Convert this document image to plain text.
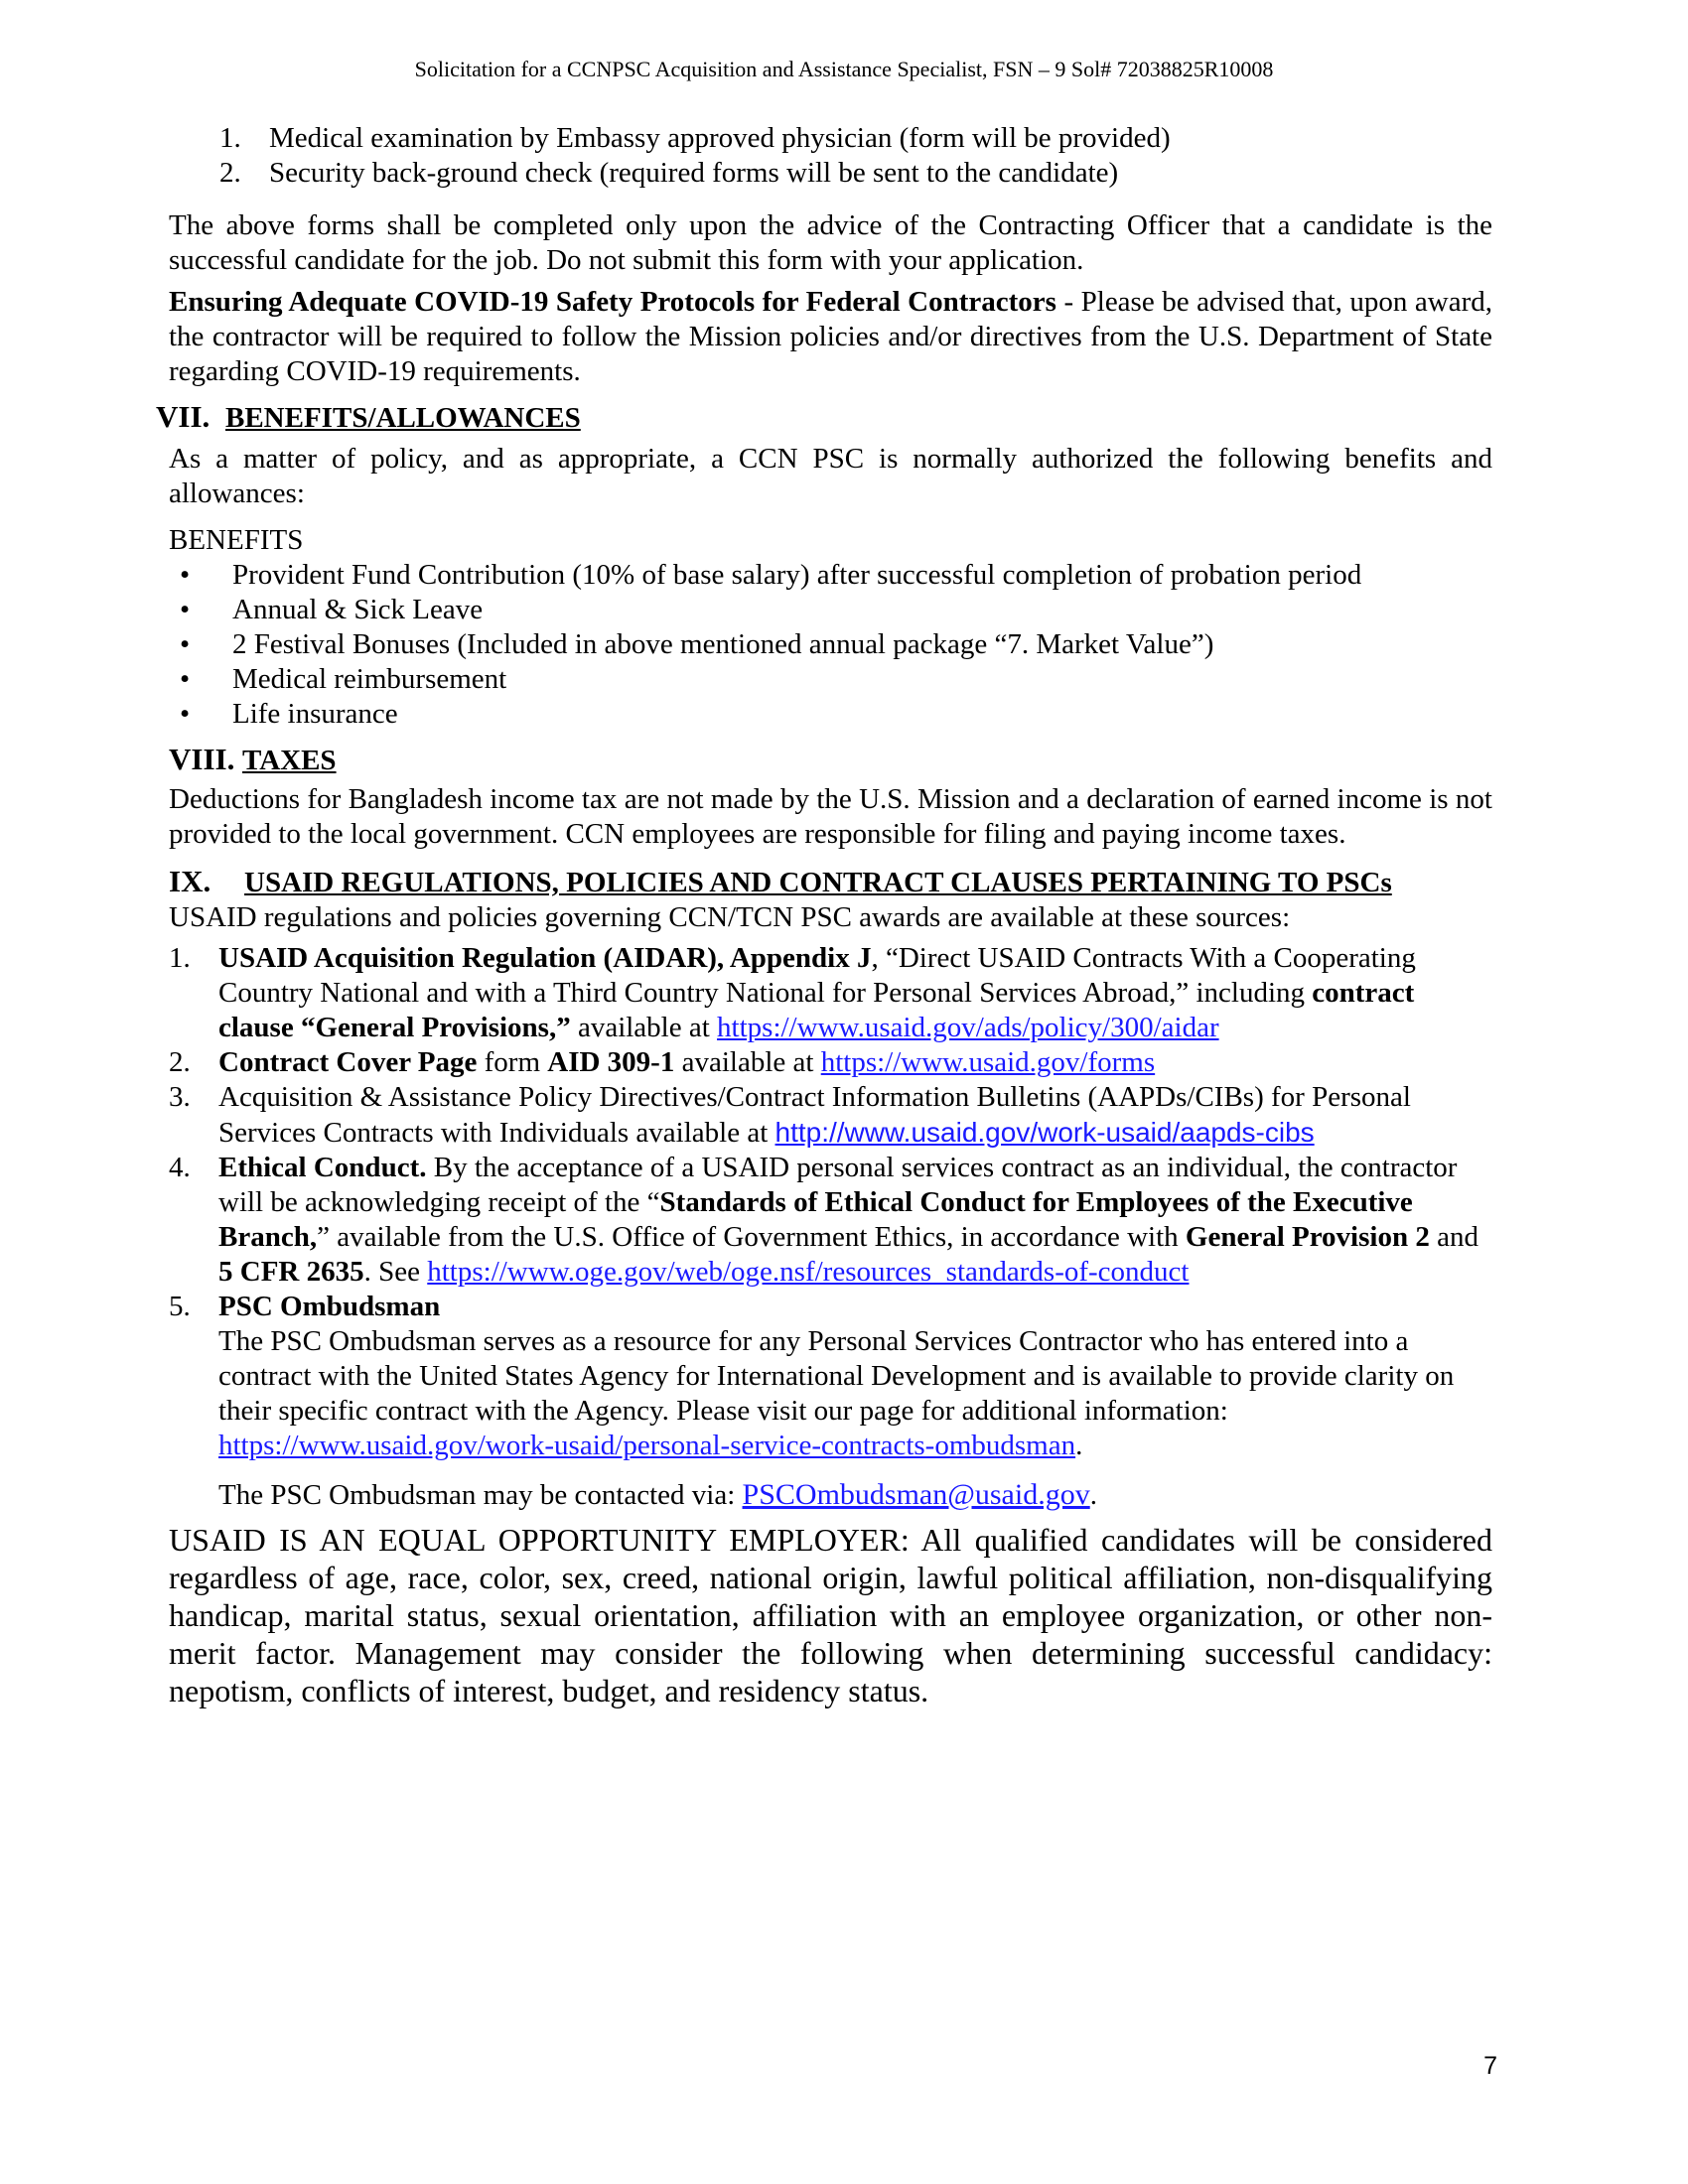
Solicitation for a CCNPSC Acquisition and Assistance Specialist, FSN – 9 Sol# 72038825R10008
1. Medical examination by Embassy approved physician (form will be provided)
2. Security back-ground check (required forms will be sent to the candidate)

The above forms shall be completed only upon the advice of the Contracting Officer that a candidate is the successful candidate for the job. Do not submit this form with your application.

Ensuring Adequate COVID-19 Safety Protocols for Federal Contractors - Please be advised that, upon award, the contractor will be required to follow the Mission policies and/or directives from the U.S. Department of State regarding COVID-19 requirements.

VII. BENEFITS/ALLOWANCES

As a matter of policy, and as appropriate, a CCN PSC is normally authorized the following benefits and allowances:

BENEFITS

•	Provident Fund Contribution (10% of base salary) after successful completion of probation period
•	Annual & Sick Leave
•	2 Festival Bonuses (Included in above mentioned annual package “7. Market Value”)
•	Medical reimbursement
•	Life insurance
VIII. TAXES

Deductions for Bangladesh income tax are not made by the U.S. Mission and a declaration of earned income is not provided to the local government. CCN employees are responsible for filing and paying income taxes.

IX.	USAID REGULATIONS, POLICIES AND CONTRACT CLAUSES PERTAINING TO PSCs

USAID regulations and policies governing CCN/TCN PSC awards are available at these sources:

1. USAID Acquisition Regulation (AIDAR), Appendix J, “Direct USAID Contracts With a Cooperating Country National and with a Third Country National for Personal Services Abroad,” including contract clause “General Provisions,” available at https://www.usaid.gov/ads/policy/300/aidar
2. Contract Cover Page form AID 309-1 available at https://www.usaid.gov/forms
3. Acquisition & Assistance Policy Directives/Contract Information Bulletins (AAPDs/CIBs) for Personal Services Contracts with Individuals available at http://www.usaid.gov/work-usaid/aapds-cibs
4. Ethical Conduct. By the acceptance of a USAID personal services contract as an individual, the contractor will be acknowledging receipt of the “Standards of Ethical Conduct for Employees of the Executive Branch,” available from the U.S. Office of Government Ethics, in accordance with General Provision 2 and 5 CFR 2635. See https://www.oge.gov/web/oge.nsf/resources_standards-of-conduct
5. PSC Ombudsman
The PSC Ombudsman serves as a resource for any Personal Services Contractor who has entered into a contract with the United States Agency for International Development and is available to provide clarity on their specific contract with the Agency. Please visit our page for additional information: https://www.usaid.gov/work-usaid/personal-service-contracts-ombudsman.
The PSC Ombudsman may be contacted via: PSCOmbudsman@usaid.gov.

USAID IS AN EQUAL OPPORTUNITY EMPLOYER: All qualified candidates will be considered regardless of age, race, color, sex, creed, national origin, lawful political affiliation, non-disqualifying handicap, marital status, sexual orientation, affiliation with an employee organization, or other non-merit factor. Management may consider the following when determining successful candidacy: nepotism, conflicts of interest, budget, and residency status.

7
